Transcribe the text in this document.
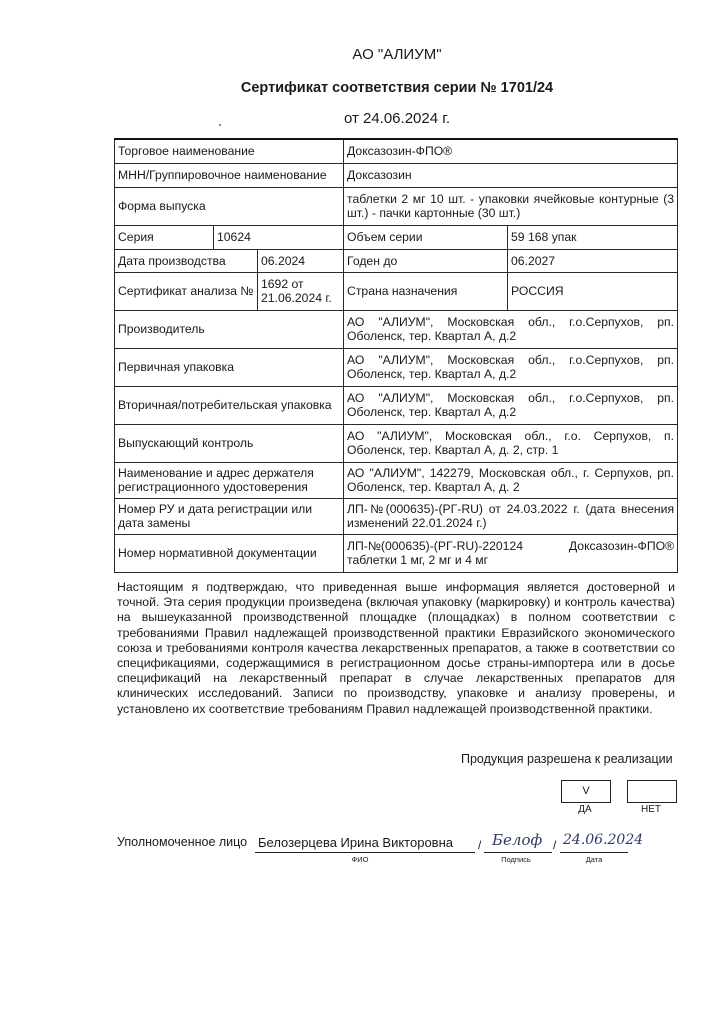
АО "АЛИУМ"
Сертификат соответствия серии № 1701/24
от 24.06.2024 г.
Торговое наименование			Доксазозин-ФПО®	
МНН/Группировочное наименование			Доксазозин	
Форма выпуска			таблетки 2 мг 10 шт. - упаковки ячейковые контурные (3 шт.) - пачки картонные (30 шт.)	
Серия	10624		Объем серии	59 168 упак
Дата производства		06.2024	Годен до	06.2027
Сертификат анализа №		1692 от 21.06.2024 г.	Страна назначения	РОССИЯ
Производитель			АО "АЛИУМ", Московская обл., г.о.Серпухов, рп. Оболенск, тер. Квартал А, д.2	
Первичная упаковка			АО "АЛИУМ", Московская обл., г.о.Серпухов, рп. Оболенск, тер. Квартал А, д.2	
Вторичная/потребительская упаковка			АО "АЛИУМ", Московская обл., г.о.Серпухов, рп. Оболенск, тер. Квартал А, д.2	
Выпускающий контроль			АО "АЛИУМ", Московская обл., г.о. Серпухов, п. Оболенск, тер. Квартал А, д. 2, стр. 1	
Наименование и адрес держателя регистрационного удостоверения			АО "АЛИУМ", 142279, Московская обл., г. Серпухов, рп. Оболенск, тер. Квартал А, д. 2	
Номер РУ и дата регистрации или дата замены			ЛП-№(000635)-(РГ-RU) от 24.03.2022 г. (дата внесения изменений 22.01.2024 г.)	
Номер нормативной документации			ЛП-№(000635)-(РГ-RU)-220124 Доксазозин-ФПО®
таблетки 1 мг, 2 мг и 4 мг	
Настоящим я подтверждаю, что приведенная выше информация является достоверной и точной. Эта серия продукции произведена (включая упаковку (маркировку) и контроль качества) на вышеуказанной производственной площадке (площадках) в полном соответствии с требованиями Правил надлежащей производственной практики Евразийского экономического союза и требованиями контроля качества лекарственных препаратов, а также в соответствии со спецификациями, содержащимися в регистрационном досье страны-импортера или в досье спецификаций на лекарственный препарат в случае лекарственных препаратов для клинических исследований. Записи по производству, упаковке и анализу проверены, и установлено их соответствие требованиям Правил надлежащей производственной практики.
Продукция разрешена к реализации
V
ДА	НЕТ
Уполномоченное лицо Белозерцева Ирина Викторовна
ФИО
/ Белоф
Подпись
/ 24.06.2024
Дата
